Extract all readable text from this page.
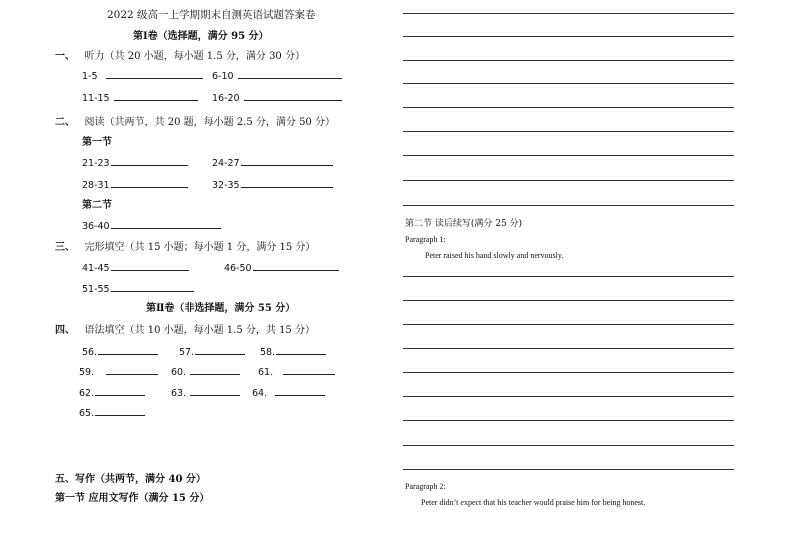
2022 级高一上学期期末自测英语试题答案卷
第Ⅰ卷（选择题，满分 95 分）
一、 听力（共 20 小题，每小题 1.5 分，满分 30 分）
1-5	6-10
11-15	16-20
二、 阅读（共两节，共 20 题，每小题 2.5 分，满分 50 分）
第一节
21-23	24-27
28-31	32-35
第二节
36-40
三、 完形填空（共 15 小题；每小题 1 分，满分 15 分）
41-45	46-50
51-55
第Ⅱ卷（非选择题，满分 55 分）
四、 语法填空（共 10 小题，每小题 1.5 分，共 15 分）
56.	57.	58.
59.	60.	61.
62.	63.	64.
65.
五、写作（共两节，满分 40 分）
第一节 应用文写作（满分 15 分）
第二节 读后续写(满分 25 分)
Paragraph 1:
Peter raised his hand slowly and nervously.
Paragraph 2:
Peter didn’t expect that his teacher would praise him for being honest.
